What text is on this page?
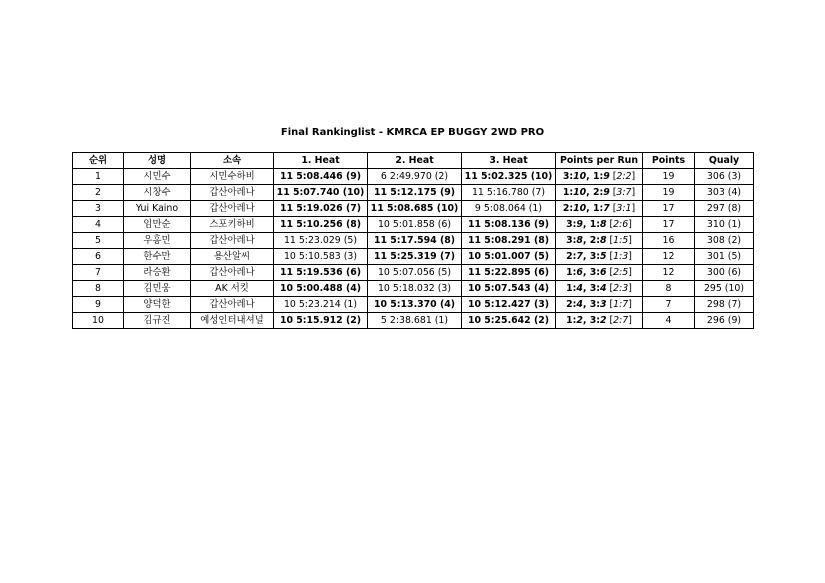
Final Rankinglist - KMRCA EP BUGGY 2WD PRO
순위	성명	소속	1. Heat	2. Heat	3. Heat	Points per Run	Points	Qualy
1	시민수	시민수하비	11 5:08.446 (9)	6 2:49.970 (2)	11 5:02.325 (10)	3:10, 1:9 [2:2]	19	306 (3)
2	시창수	갑산아레나	11 5:07.740 (10)	11 5:12.175 (9)	11 5:16.780 (7)	1:10, 2:9 [3:7]	19	303 (4)
3	Yui Kaino	갑산아레나	11 5:19.026 (7)	11 5:08.685 (10)	9 5:08.064 (1)	2:10, 1:7 [3:1]	17	297 (8)
4	임만순	스포키하비	11 5:10.256 (8)	10 5:01.858 (6)	11 5:08.136 (9)	3:9, 1:8 [2:6]	17	310 (1)
5	우홍민	갑산아레나	11 5:23.029 (5)	11 5:17.594 (8)	11 5:08.291 (8)	3:8, 2:8 [1:5]	16	308 (2)
6	한수만	용산알씨	10 5:10.583 (3)	11 5:25.319 (7)	10 5:01.007 (5)	2:7, 3:5 [1:3]	12	301 (5)
7	라승환	갑산아레나	11 5:19.536 (6)	10 5:07.056 (5)	11 5:22.895 (6)	1:6, 3:6 [2:5]	12	300 (6)
8	김민웅	AK 서킷	10 5:00.488 (4)	10 5:18.032 (3)	10 5:07.543 (4)	1:4, 3:4 [2:3]	8	295 (10)
9	양덕한	갑산아레나	10 5:23.214 (1)	10 5:13.370 (4)	10 5:12.427 (3)	2:4, 3:3 [1:7]	7	298 (7)
10	김규진	예성인터내셔널	10 5:15.912 (2)	5 2:38.681 (1)	10 5:25.642 (2)	1:2, 3:2 [2:7]	4	296 (9)
